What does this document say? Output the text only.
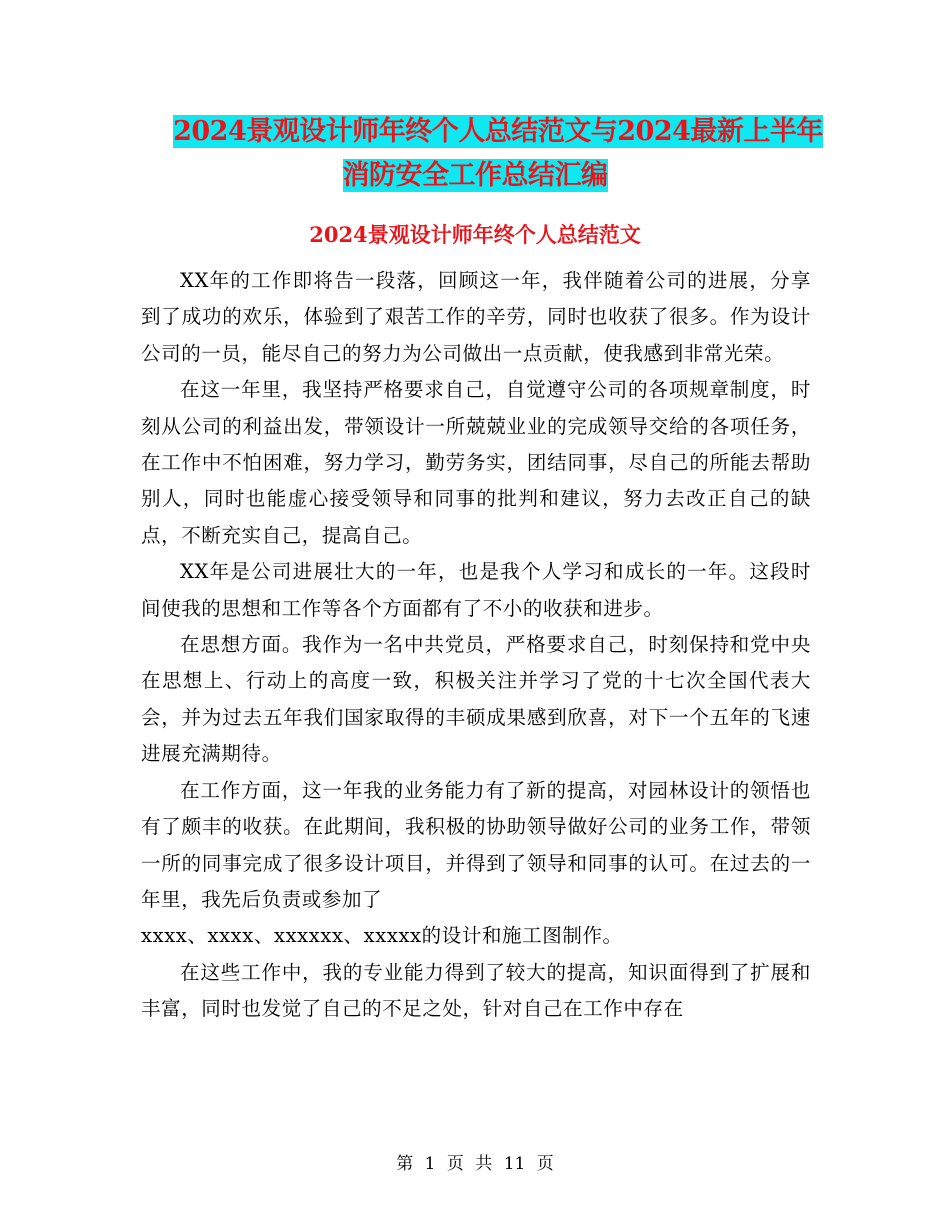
2024景观设计师年终个人总结范文与2024最新上半年
消防安全工作总结汇编
2024景观设计师年终个人总结范文

XX年的工作即将告一段落，回顾这一年，我伴随着公司的进展，分享到了成功的欢乐，体验到了艰苦工作的辛劳，同时也收获了很多。作为设计公司的一员，能尽自己的努力为公司做出一点贡献，使我感到非常光荣。

在这一年里，我坚持严格要求自己，自觉遵守公司的各项规章制度，时刻从公司的利益出发，带领设计一所兢兢业业的完成领导交给的各项任务，在工作中不怕困难，努力学习，勤劳务实，团结同事，尽自己的所能去帮助别人，同时也能虚心接受领导和同事的批判和建议，努力去改正自己的缺点，不断充实自己，提高自己。

XX年是公司进展壮大的一年，也是我个人学习和成长的一年。这段时间使我的思想和工作等各个方面都有了不小的收获和进步。

在思想方面。我作为一名中共党员，严格要求自己，时刻保持和党中央在思想上、行动上的高度一致，积极关注并学习了党的十七次全国代表大会，并为过去五年我们国家取得的丰硕成果感到欣喜，对下一个五年的飞速进展充满期待。

在工作方面，这一年我的业务能力有了新的提高，对园林设计的领悟也有了颇丰的收获。在此期间，我积极的协助领导做好公司的业务工作，带领一所的同事完成了很多设计项目，并得到了领导和同事的认可。在过去的一年里，我先后负责或参加了

xxxx、xxxx、xxxxxx、xxxxx的设计和施工图制作。

在这些工作中，我的专业能力得到了较大的提高，知识面得到了扩展和丰富，同时也发觉了自己的不足之处，针对自己在工作中存在

第 1 页 共 11 页
